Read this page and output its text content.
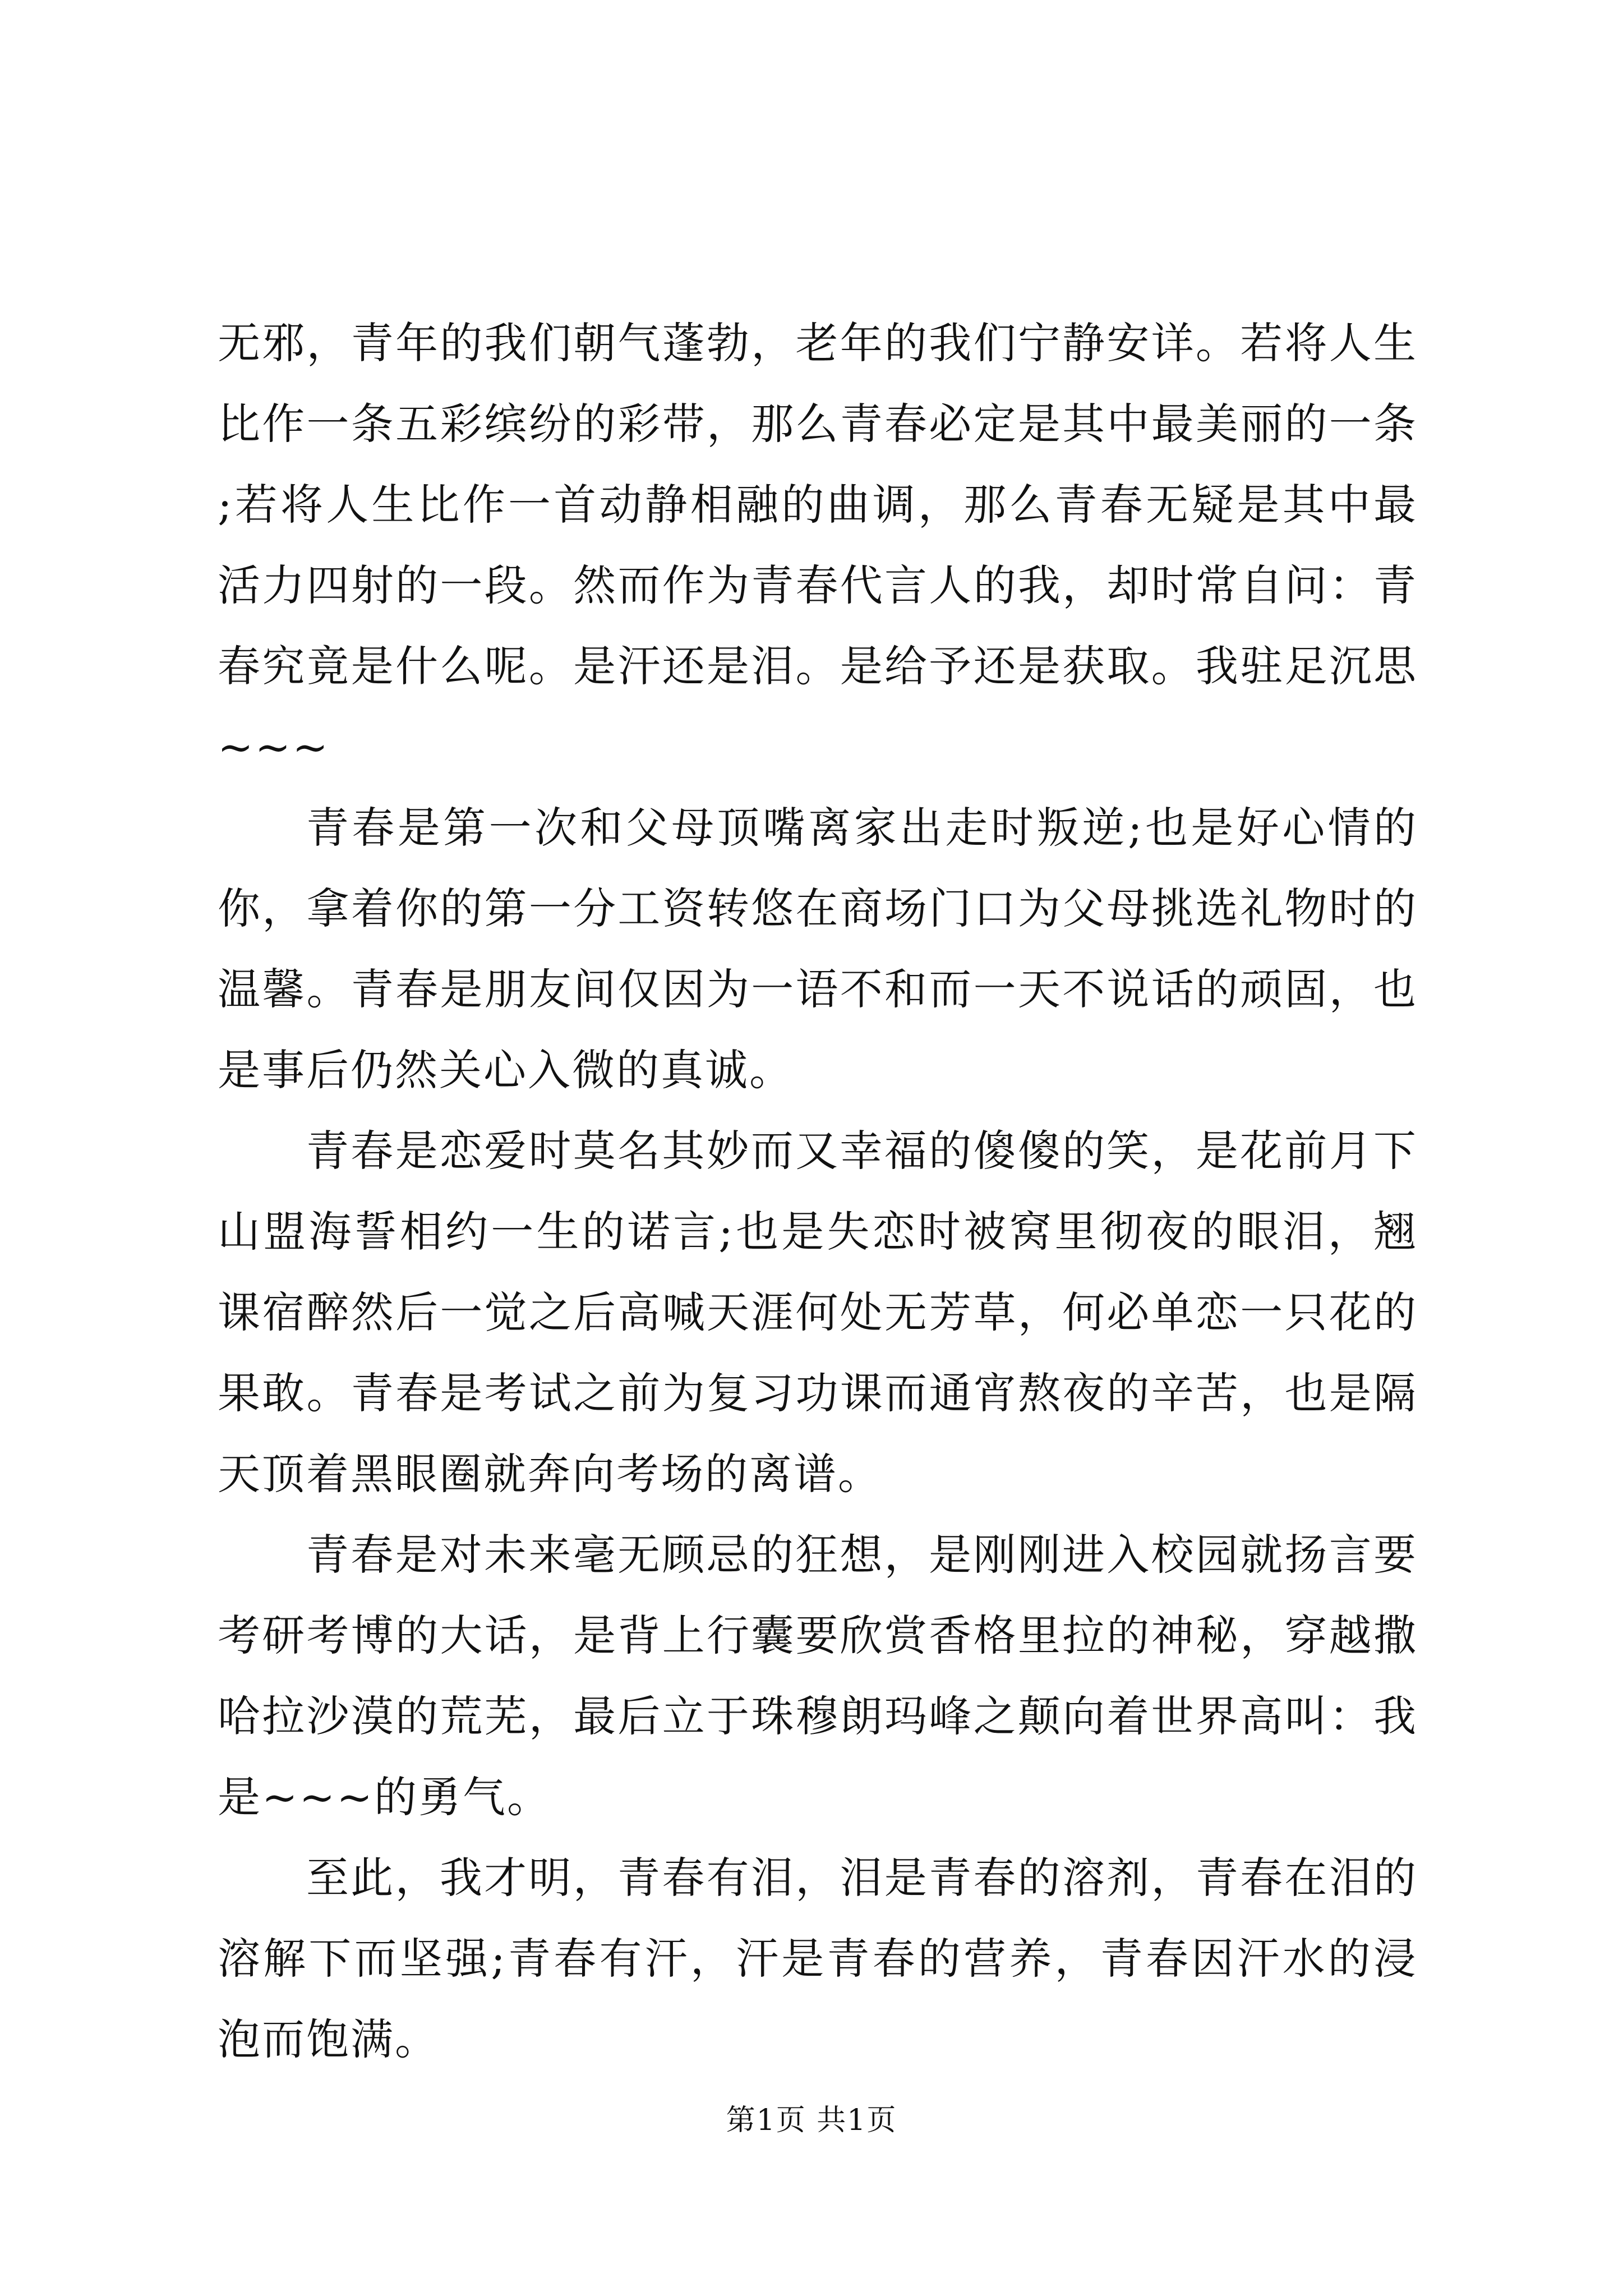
无邪，青年的我们朝气蓬勃，老年的我们宁静安详。若将人生比作一条五彩缤纷的彩带，那么青春必定是其中最美丽的一条;若将人生比作一首动静相融的曲调，那么青春无疑是其中最活力四射的一段。然而作为青春代言人的我，却时常自问：青春究竟是什么呢。是汗还是泪。是给予还是获取。我驻足沉思~~~

青春是第一次和父母顶嘴离家出走时叛逆;也是好心情的你，拿着你的第一分工资转悠在商场门口为父母挑选礼物时的温馨。青春是朋友间仅因为一语不和而一天不说话的顽固，也是事后仍然关心入微的真诚。

青春是恋爱时莫名其妙而又幸福的傻傻的笑，是花前月下山盟海誓相约一生的诺言;也是失恋时被窝里彻夜的眼泪，翘课宿醉然后一觉之后高喊天涯何处无芳草，何必单恋一只花的果敢。青春是考试之前为复习功课而通宵熬夜的辛苦，也是隔天顶着黑眼圈就奔向考场的离谱。

青春是对未来毫无顾忌的狂想，是刚刚进入校园就扬言要考研考博的大话，是背上行囊要欣赏香格里拉的神秘，穿越撒哈拉沙漠的荒芜，最后立于珠穆朗玛峰之颠向着世界高叫：我是~~~的勇气。

至此，我才明，青春有泪，泪是青春的溶剂，青春在泪的溶解下而坚强;青春有汗，汗是青春的营养，青春因汗水的浸泡而饱满。

第1页 共1页
